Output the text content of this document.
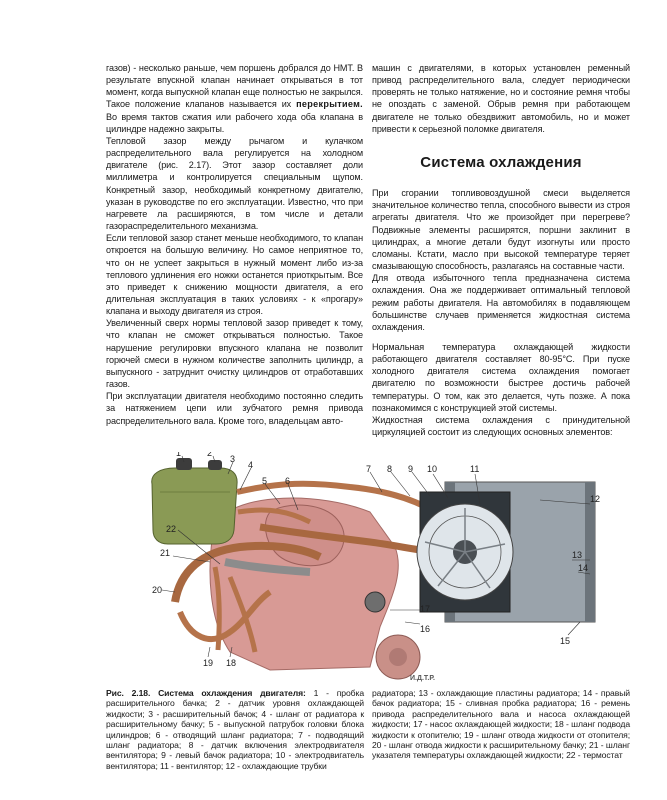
газов) - несколько раньше, чем поршень добрался до НМТ. В результате впускной клапан начинает открываться в тот момент, когда выпускной клапан еще полностью не закрылся. Такое положение клапанов называется их перекрытием. Во время тактов сжатия или рабочего хода оба клапана в цилиндре надежно закрыты.

Тепловой зазор между рычагом и кулачком распределительного вала регулируется на холодном двигателе (рис. 2.17). Этот зазор составляет доли миллиметра и контролируется специальным щупом. Конкретный зазор, необходимый конкретному двигателю, указан в руководстве по его эксплуатации. Известно, что при нагревете ла расширяются, в том числе и детали газораспределительного механизма.

Если тепловой зазор станет меньше необходимого, то клапан откроется на большую величину. Но самое неприятное то, что он не успеет закрыться в нужный момент либо из-за теплового удлинения его ножки останется приоткрытым. Все это приведет к снижению мощности двигателя, а его длительная эксплуатация в таких условиях - к «прогару» клапана и выходу двигателя из строя.

Увеличенный сверх нормы тепловой зазор приведет к тому, что клапан не сможет открываться полностью. Такое нарушение регулировки впускного клапана не позволит горючей смеси в нужном количестве заполнить цилиндр, а выпускного - затруднит очистку цилиндров от отработавших газов.

При эксплуатации двигателя необходимо постоянно следить за натяжением цепи или зубчатого ремня привода распределительного вала. Кроме того, владельцам авто-

машин с двигателями, в которых установлен ременный привод распределительного вала, следует периодически проверять не только натяжение, но и состояние ремня чтобы не опоздать с заменой. Обрыв ремня при работающем двигателе не только обездвижит автомобиль, но и может привести к серьезной поломке двигателя.

Система охлаждения

При сгорании топливовоздушной смеси выделяется значительное количество тепла, способного вывести из строя агрегаты двигателя. Что же произойдет при перегреве? Подвижные элементы расширятся, поршни заклинит в цилиндрах, а многие детали будут изогнуты или просто сломаны. Кстати, масло при высокой температуре теряет смазывающую способность, разлагаясь на составные части.

Для отвода избыточного тепла предназначена система охлаждения. Она же поддерживает оптимальный тепловой режим работы двигателя. На автомобилях в подавляющем большинстве случаев применяется жидкостная система охлаждения.

Нормальная температура охлаждающей жидкости работающего двигателя составляет 80-95°С. При пуске холодного двигателя система охлаждения помогает двигателю по возможности быстрее достичь рабочей температуры. О том, как это делается, чуть позже. А пока познакомимся с конструкцией этой системы.

Жидкостная система охлаждения с принудительной циркуляцией состоит из следующих основных элементов:

1	2
3
4
5 6
7 8 9 10	11
12
13
14
15
16
17
18
19
20
21
22
И.Д.Т.Р.
Рис. 2.18. Система охлаждения двигателя: 1 - пробка расширительного бачка; 2 - датчик уровня охлаждающей жидкости; 3 - расширительный бачок; 4 - шланг от радиатора к расширительному бачку; 5 - выпускной патрубок головки блока цилиндров; 6 - отводящий шланг радиатора; 7 - подводящий шланг радиатора; 8 - датчик включения электродвигателя вентилятора; 9 - левый бачок радиатора; 10 - электродвигатель вентилятора; 11 - вентилятор; 12 - охлаждающие трубки
радиатора; 13 - охлаждающие пластины радиатора; 14 - правый бачок радиатора; 15 - сливная пробка радиатора; 16 - ремень привода распределительного вала и насоса охлаждающей жидкости; 17 - насос охлаждающей жидкости; 18 - шланг подвода жидкости к отопителю; 19 - шланг отвода жидкости от отопителя; 20 - шланг отвода жидкости к расширительному бачку; 21 - шланг указателя температуры охлаждающей жидкости; 22 - термостат
